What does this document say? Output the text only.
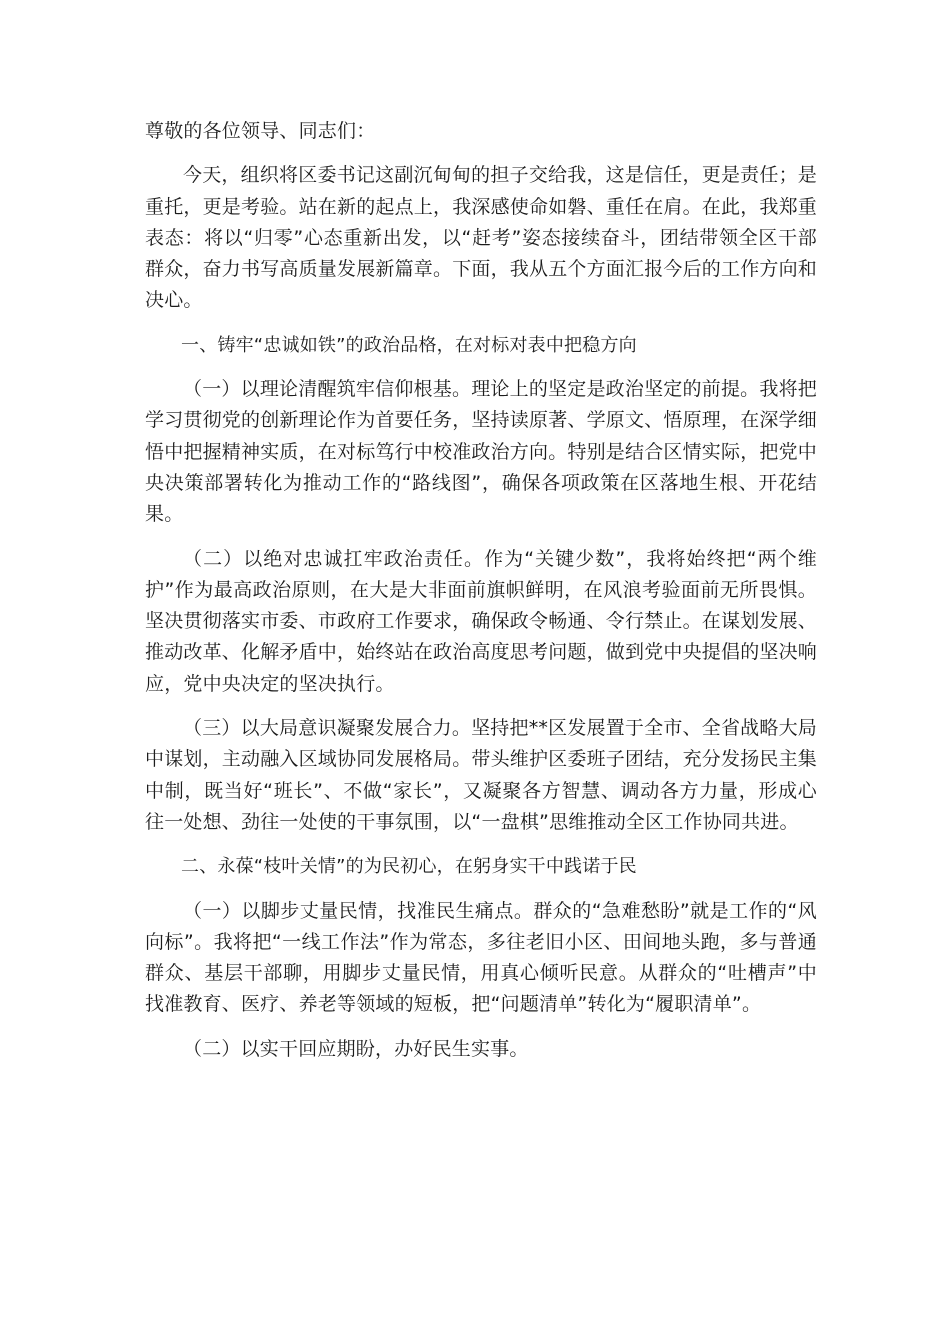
尊敬的各位领导、同志们：

今天，组织将区委书记这副沉甸甸的担子交给我，这是信任，更是责任；是重托，更是考验。站在新的起点上，我深感使命如磐、重任在肩。在此，我郑重表态：将以“归零”心态重新出发，以“赶考”姿态接续奋斗，团结带领全区干部群众，奋力书写高质量发展新篇章。下面，我从五个方面汇报今后的工作方向和决心。

一、铸牢“忠诚如铁”的政治品格，在对标对表中把稳方向

（一）以理论清醒筑牢信仰根基。理论上的坚定是政治坚定的前提。我将把学习贯彻党的创新理论作为首要任务，坚持读原著、学原文、悟原理，在深学细悟中把握精神实质，在对标笃行中校准政治方向。特别是结合区情实际，把党中央决策部署转化为推动工作的“路线图”，确保各项政策在区落地生根、开花结果。

（二）以绝对忠诚扛牢政治责任。作为“关键少数”，我将始终把“两个维护”作为最高政治原则，在大是大非面前旗帜鲜明，在风浪考验面前无所畏惧。坚决贯彻落实市委、市政府工作要求，确保政令畅通、令行禁止。在谋划发展、推动改革、化解矛盾中，始终站在政治高度思考问题，做到党中央提倡的坚决响应，党中央决定的坚决执行。

（三）以大局意识凝聚发展合力。坚持把**区发展置于全市、全省战略大局中谋划，主动融入区域协同发展格局。带头维护区委班子团结，充分发扬民主集中制，既当好“班长”、不做“家长”，又凝聚各方智慧、调动各方力量，形成心往一处想、劲往一处使的干事氛围，以“一盘棋”思维推动全区工作协同共进。

二、永葆“枝叶关情”的为民初心，在躬身实干中践诺于民

（一）以脚步丈量民情，找准民生痛点。群众的“急难愁盼”就是工作的“风向标”。我将把“一线工作法”作为常态，多往老旧小区、田间地头跑，多与普通群众、基层干部聊，用脚步丈量民情，用真心倾听民意。从群众的“吐槽声”中找准教育、医疗、养老等领域的短板，把“问题清单”转化为“履职清单”。

（二）以实干回应期盼，办好民生实事。
